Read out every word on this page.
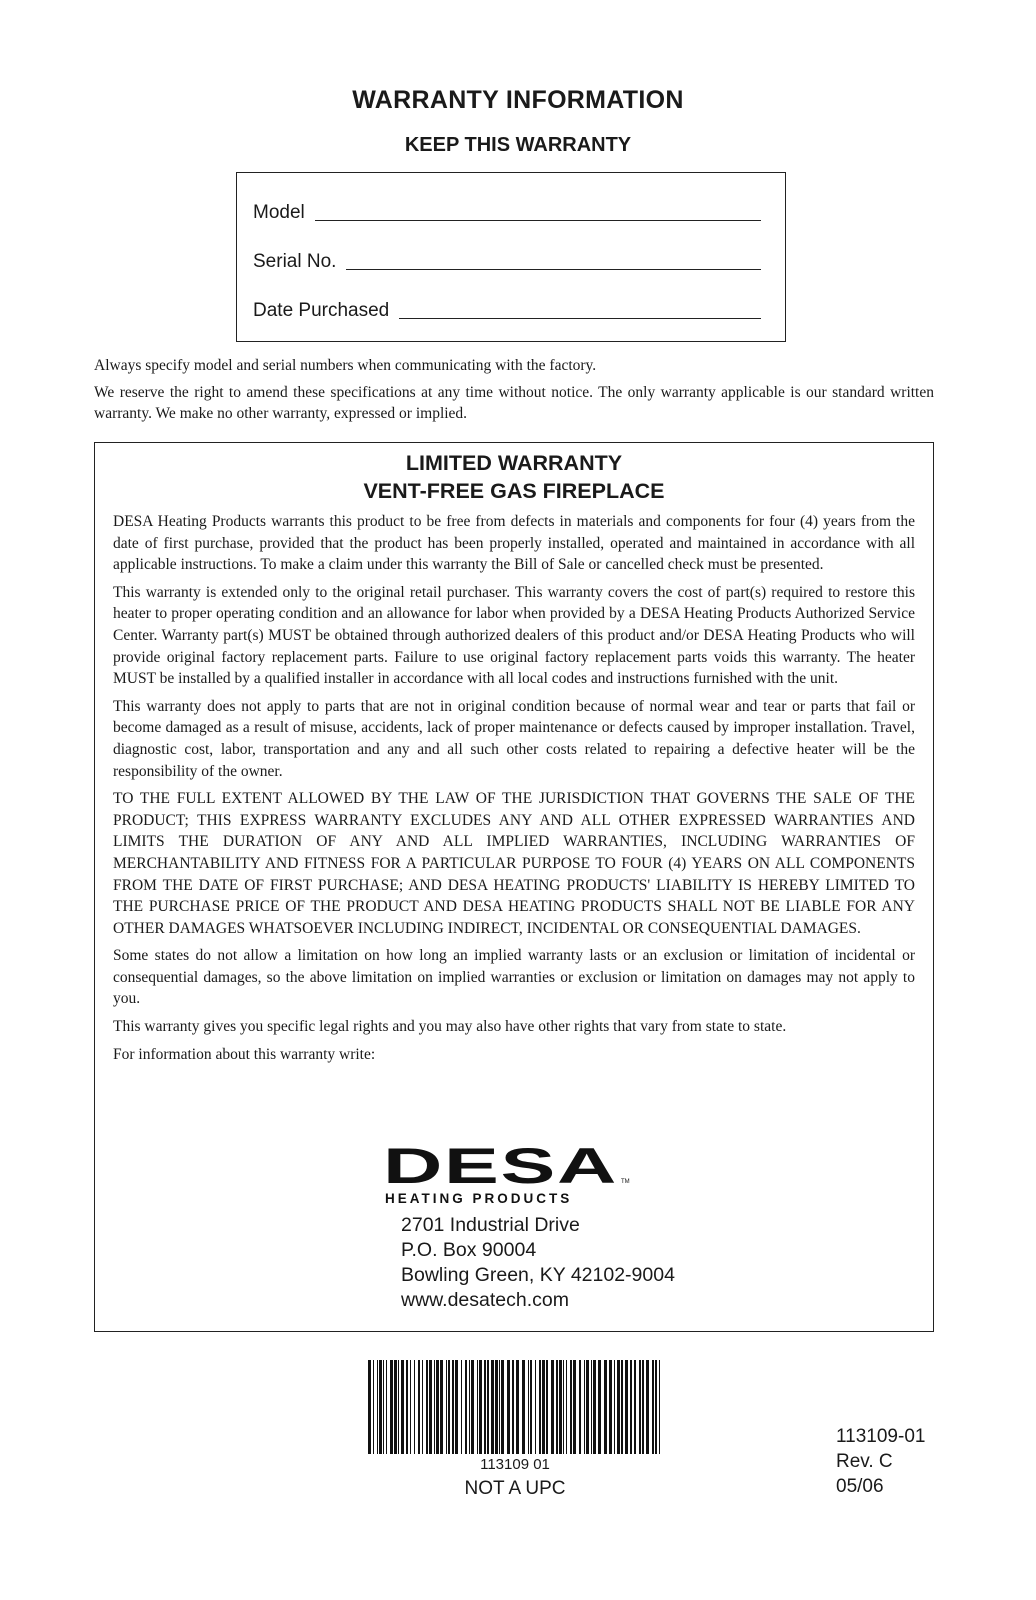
WARRANTY INFORMATION
KEEP THIS WARRANTY
Model
Serial No.
Date Purchased
Always specify model and serial numbers when communicating with the factory.
We reserve the right to amend these specifications at any time without notice. The only warranty applicable is our standard written warranty. We make no other warranty, expressed or implied.
LIMITED WARRANTY
VENT-FREE GAS FIREPLACE

DESA Heating Products warrants this product to be free from defects in materials and components for four (4) years from the date of first purchase, provided that the product has been properly installed, operated and maintained in accordance with all applicable instructions. To make a claim under this warranty the Bill of Sale or cancelled check must be presented.

This warranty is extended only to the original retail purchaser. This warranty covers the cost of part(s) required to restore this heater to proper operating condition and an allowance for labor when provided by a DESA Heating Products Authorized Service Center. Warranty part(s) MUST be obtained through authorized dealers of this product and/or DESA Heating Products who will provide original factory replacement parts. Failure to use original factory replacement parts voids this warranty. The heater MUST be installed by a qualified installer in accordance with all local codes and instructions furnished with the unit.

This warranty does not apply to parts that are not in original condition because of normal wear and tear or parts that fail or become damaged as a result of misuse, accidents, lack of proper maintenance or defects caused by improper installation. Travel, diagnostic cost, labor, transportation and any and all such other costs related to repairing a defective heater will be the responsibility of the owner.

TO THE FULL EXTENT ALLOWED BY THE LAW OF THE JURISDICTION THAT GOVERNS THE SALE OF THE PRODUCT; THIS EXPRESS WARRANTY EXCLUDES ANY AND ALL OTHER EXPRESSED WARRANTIES AND LIMITS THE DURATION OF ANY AND ALL IMPLIED WARRANTIES, INCLUDING WARRANTIES OF MERCHANTABILITY AND FITNESS FOR A PARTICULAR PURPOSE TO FOUR (4) YEARS ON ALL COMPONENTS FROM THE DATE OF FIRST PURCHASE; AND DESA HEATING PRODUCTS' LIABILITY IS HEREBY LIMITED TO THE PURCHASE PRICE OF THE PRODUCT AND DESA HEATING PRODUCTS SHALL NOT BE LIABLE FOR ANY OTHER DAMAGES WHATSOEVER INCLUDING INDIRECT, INCIDENTAL OR CONSEQUENTIAL DAMAGES.

Some states do not allow a limitation on how long an implied warranty lasts or an exclusion or limitation of incidental or consequential damages, so the above limitation on implied warranties or exclusion or limitation on damages may not apply to you.

This warranty gives you specific legal rights and you may also have other rights that vary from state to state.

For information about this warranty write:

DESA TM
HEATING PRODUCTS
2701 Industrial Drive
P.O. Box 90004
Bowling Green, KY 42102-9004
www.desatech.com
113109 01
NOT A UPC
113109-01
Rev. C
05/06
